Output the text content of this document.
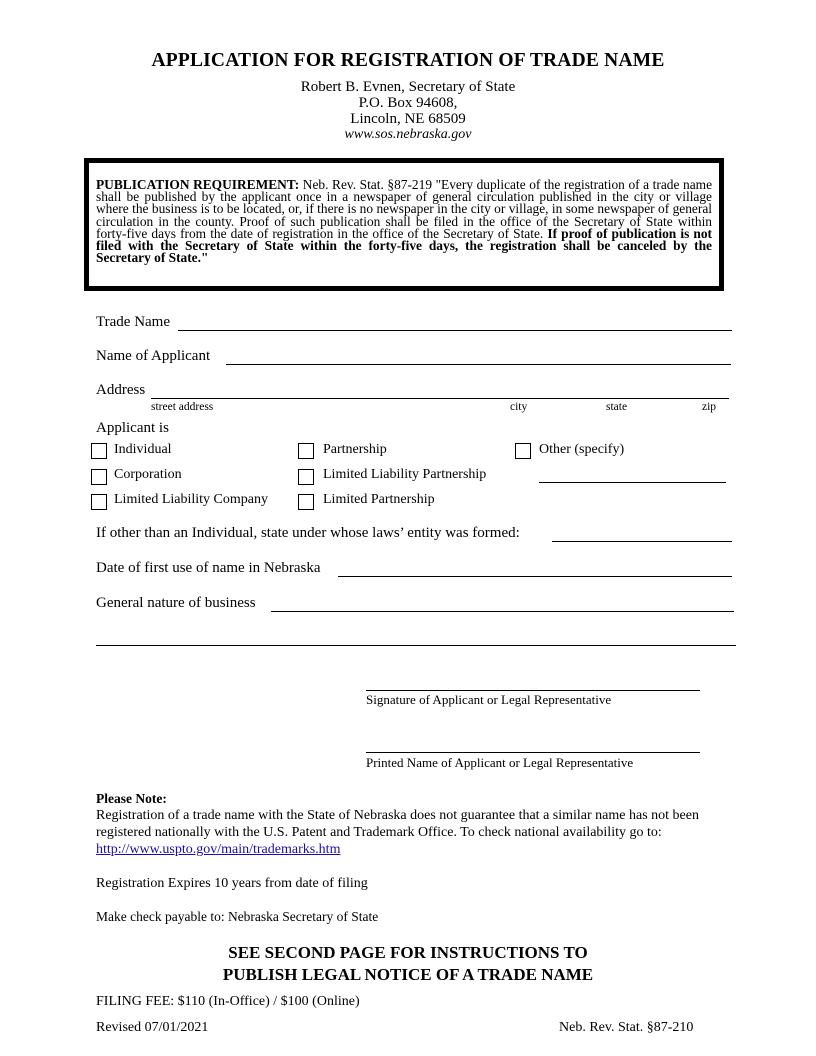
APPLICATION FOR REGISTRATION OF TRADE NAME
Robert B. Evnen, Secretary of State
P.O. Box 94608,
Lincoln, NE 68509
www.sos.nebraska.gov
PUBLICATION REQUIREMENT: Neb. Rev. Stat. §87-219 "Every duplicate of the registration of a trade name shall be published by the applicant once in a newspaper of general circulation published in the city or village where the business is to be located, or, if there is no newspaper in the city or village, in some newspaper of general circulation in the county. Proof of such publication shall be filed in the office of the Secretary of State within forty-five days from the date of registration in the office of the Secretary of State. If proof of publication is not filed with the Secretary of State within the forty-five days, the registration shall be canceled by the Secretary of State."
Trade Name
Name of Applicant
Address
street address	city	state	zip
Applicant is
Individual	Partnership	Other (specify)
Corporation	Limited Liability Partnership
Limited Liability Company	Limited Partnership
If other than an Individual, state under whose laws’ entity was formed:
Date of first use of name in Nebraska
General nature of business
Signature of Applicant or Legal Representative
Printed Name of Applicant or Legal Representative
Please Note:
Registration of a trade name with the State of Nebraska does not guarantee that a similar name has not been registered nationally with the U.S. Patent and Trademark Office. To check national availability go to:  http://www.uspto.gov/main/trademarks.htm
Registration Expires 10 years from date of filing
Make check payable to: Nebraska Secretary of State
SEE SECOND PAGE FOR INSTRUCTIONS TO
PUBLISH LEGAL NOTICE OF A TRADE NAME
FILING FEE: $110 (In-Office) / $100 (Online)
Revised 07/01/2021	Neb. Rev. Stat. §87-210
